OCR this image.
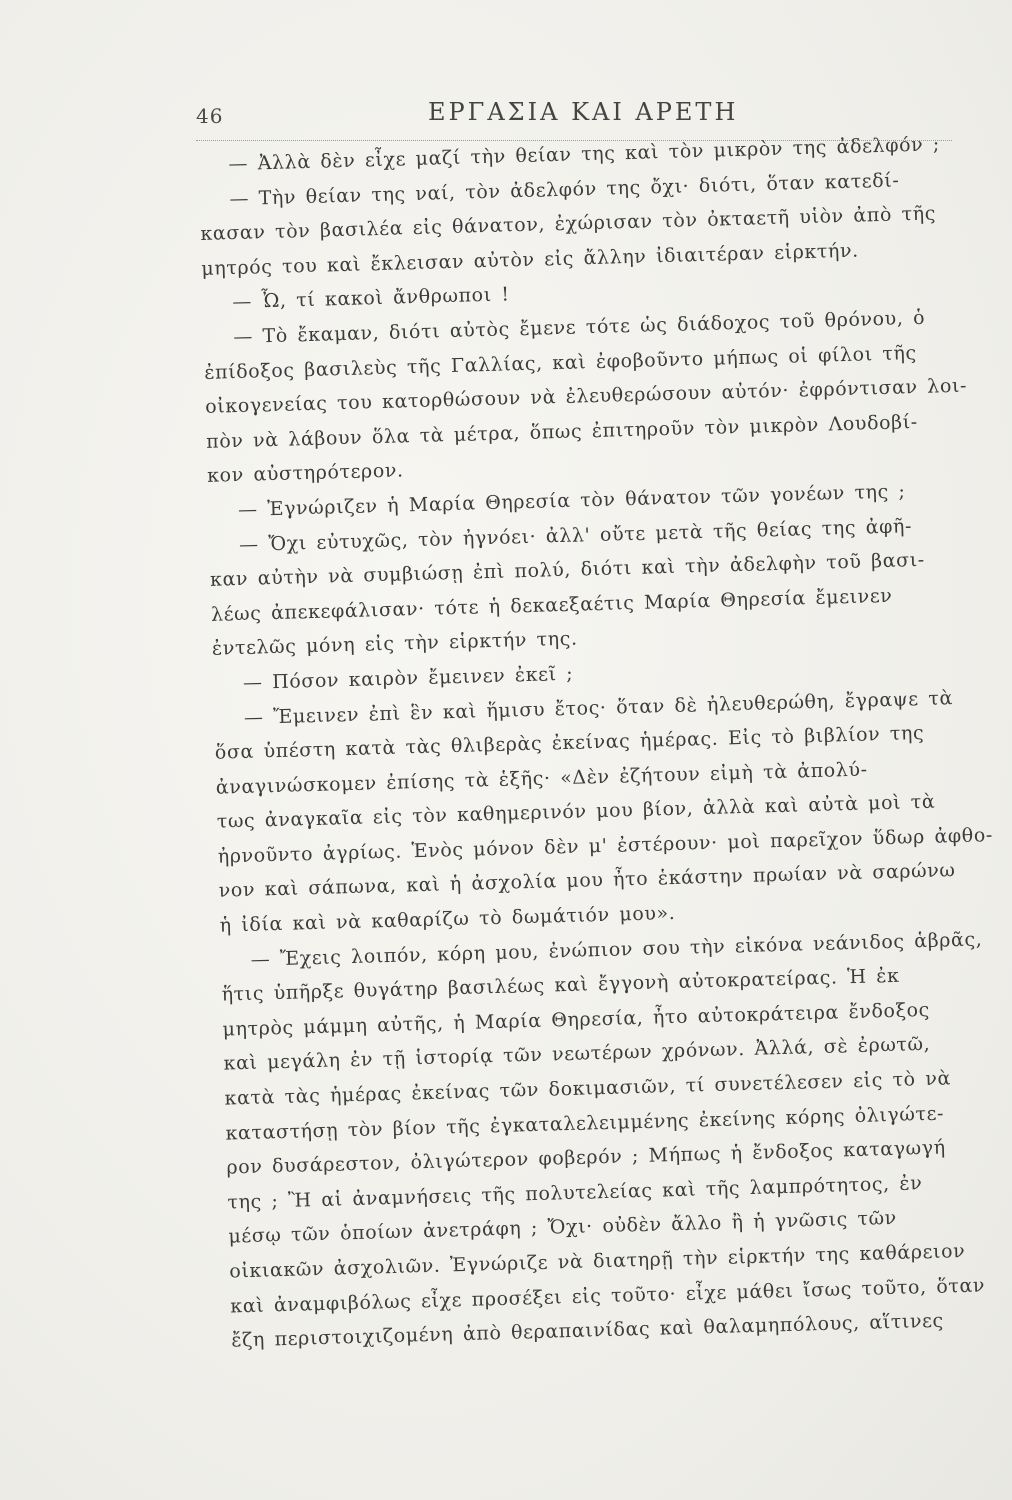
46	ΕΡΓΑΣΙΑ ΚΑΙ ΑΡΕΤΗ
— Ἀλλὰ δὲν εἶχε μαζί τὴν θείαν της καὶ τὸν μικρὸν της ἀδελφόν ;
— Τὴν θείαν της ναί, τὸν ἀδελφόν της ὄχι· διότι, ὅταν κατεδί-
κασαν τὸν βασιλέα εἰς θάνατον, ἐχώρισαν τὸν ὀκταετῆ υἱὸν ἀπὸ τῆς
μητρός του καὶ ἔκλεισαν αὐτὸν εἰς ἄλλην ἰδιαιτέραν εἱρκτήν.
— Ὦ, τί κακοὶ ἄνθρωποι !
— Τὸ ἔκαμαν, διότι αὐτὸς ἔμενε τότε ὡς διάδοχος τοῦ θρόνου, ὁ
ἐπίδοξος βασιλεὺς τῆς Γαλλίας, καὶ ἐφοβοῦντο μήπως οἱ φίλοι τῆς
οἰκογενείας του κατορθώσουν νὰ ἐλευθερώσουν αὐτόν· ἐφρόντισαν λοι-
πὸν νὰ λάβουν ὅλα τὰ μέτρα, ὅπως ἐπιτηροῦν τὸν μικρὸν Λουδοβί-
κον αὐστηρότερον.
— Ἐγνώριζεν ἡ Μαρία Θηρεσία τὸν θάνατον τῶν γονέων της ;
— Ὄχι εὐτυχῶς, τὸν ἠγνόει· ἀλλ' οὔτε μετὰ τῆς θείας της ἀφῆ-
καν αὐτὴν νὰ συμβιώσῃ ἐπὶ πολύ, διότι καὶ τὴν ἀδελφὴν τοῦ βασι-
λέως ἀπεκεφάλισαν· τότε ἡ δεκαεξαέτις Μαρία Θηρεσία ἔμεινεν
ἐντελῶς μόνη εἰς τὴν εἱρκτήν της.
— Πόσον καιρὸν ἔμεινεν ἐκεῖ ;
— Ἔμεινεν ἐπὶ ἓν καὶ ἥμισυ ἔτος· ὅταν δὲ ἠλευθερώθη, ἔγραψε τὰ
ὅσα ὑπέστη κατὰ τὰς θλιβερὰς ἐκείνας ἡμέρας. Εἰς τὸ βιβλίον της
ἀναγινώσκομεν ἐπίσης τὰ ἑξῆς· «Δὲν ἐζήτουν εἰμὴ τὰ ἀπολύ-
τως ἀναγκαῖα εἰς τὸν καθημερινόν μου βίον, ἀλλὰ καὶ αὐτὰ μοὶ τὰ
ἠρνοῦντο ἀγρίως. Ἑνὸς μόνον δὲν μ' ἐστέρουν· μοὶ παρεῖχον ὕδωρ ἀφθο-
νον καὶ σάπωνα, καὶ ἡ ἀσχολία μου ἦτο ἑκάστην πρωίαν νὰ σαρώνω
ἡ ἰδία καὶ νὰ καθαρίζω τὸ δωμάτιόν μου».
— Ἔχεις λοιπόν, κόρη μου, ἐνώπιον σου τὴν εἰκόνα νεάνιδος ἁβρᾶς,
ἥτις ὑπῆρξε θυγάτηρ βασιλέως καὶ ἔγγονὴ αὐτοκρατείρας. Ἡ ἐκ
μητρὸς μάμμη αὐτῆς, ἡ Μαρία Θηρεσία, ἦτο αὐτοκράτειρα ἔνδοξος
καὶ μεγάλη ἐν τῇ ἱστορίᾳ τῶν νεωτέρων χρόνων. Ἀλλά, σὲ ἐρωτῶ,
κατὰ τὰς ἡμέρας ἐκείνας τῶν δοκιμασιῶν, τί συνετέλεσεν εἰς τὸ νὰ
καταστήσῃ τὸν βίον τῆς ἐγκαταλελειμμένης ἐκείνης κόρης ὀλιγώτε-
ρον δυσάρεστον, ὀλιγώτερον φοβερόν ; Μήπως ἡ ἔνδοξος καταγωγή
της ; Ἢ αἱ ἀναμνήσεις τῆς πολυτελείας καὶ τῆς λαμπρότητος, ἐν
μέσῳ τῶν ὁποίων ἀνετράφη ; Ὄχι· οὐδὲν ἄλλο ἢ ἡ γνῶσις τῶν
οἰκιακῶν ἀσχολιῶν. Ἐγνώριζε νὰ διατηρῇ τὴν εἱρκτήν της καθάρειον
καὶ ἀναμφιβόλως εἶχε προσέξει εἰς τοῦτο· εἶχε μάθει ἴσως τοῦτο, ὅταν
ἔζη περιστοιχιζομένη ἀπὸ θεραπαινίδας καὶ θαλαμηπόλους, αἵτινες
